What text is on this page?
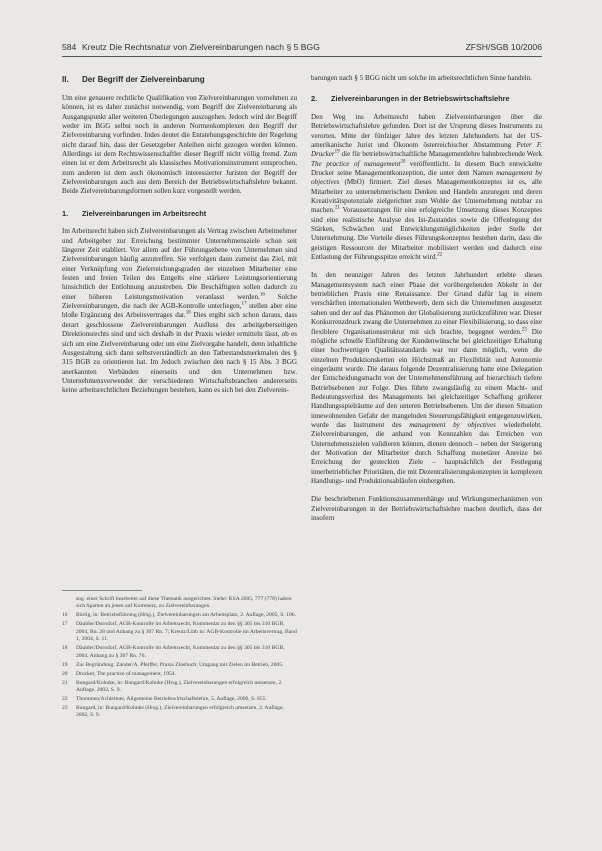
584 Kreutz Die Rechtsnatur von Zielvereinbarungen nach § 5 BGG	ZFSH/SGB 10/2006
II.	Der Begriff der Zielvereinbarung

Um eine genauere rechtliche Qualifikation von Zielvereinbarungen vornehmen zu können, ist es daher zunächst notwendig, vom Begriff der Zielvereinbarung als Ausgangspunkt aller weiteren Überlegungen auszugehen. Jedoch wird der Begriff weder im BGG selbst noch in anderen Normenkomplexen den Begriff der Zielvereinbarung vorfinden. Indes deutet die Entstehungsgeschichte der Regelung nicht darauf hin, dass der Gesetzgeber Anleihen nicht gezogen werden können. Allerdings ist dem Rechtswissenschaftler dieser Begriff nicht völlig fremd. Zum einen ist er dem Arbeitsrecht als klassisches Motivationsinstrument entsprochen, zum anderen ist dem auch ökonomisch interessierter Juristen der Begriff der Zielvereinbarungen auch aus dem Bereich der Betriebswirtschaftslehre bekannt. Beide Zielvereinbarungsformen sollen kurz vorgestellt werden.

1.	Zielvereinbarungen im Arbeitsrecht

Im Arbeitsrecht haben sich Zielvereinbarungen als Vertrag zwischen Arbeitnehmer und Arbeitgeber zur Erreichung bestimmter Unternehmensziele schon seit längerer Zeit etabliert. Vor allem auf der Führungsebene von Unternehmen sind Zielvereinbarungen häufig anzutreffen. Sie verfolgen dann zumeist das Ziel, mit einer Verknüpfung von Zielerreichungsgraden der einzelnen Mitarbeiter eine festen und freien Teilen des Entgelts eine stärkere Leistungsorientierung hinsichtlich der Entlohnung anzustreben. Die Beschäftigten sollen dadurch zu einer höheren Leistungsmotivation veranlasst werden.$^{16}$ Solche Zielvereinbarungen, die nach der AGB-Kontrolle unterliegen,$^{17}$ stellen aber eine bloße Ergänzung des Arbeitsvertrages dar.$^{18}$ Dies ergibt sich schon daraus, dass derart geschlossene Zielvereinbarungen Ausfluss des arbeitgeberseitigen Direktionsrechts sind und sich deshalb in der Praxis wieder ermitteln lässt, ob es sich um eine Zielvereinbarung oder um eine Zielvorgabe handelt, denn inhaltliche Ausgestaltung sich dann selbstverständlich an den Tatbestandsmerkmalen des § 315 BGB zu orientieren hat. Im Jedoch zwischen den nach § 15 Abs. 3 BGG anerkannten Verbänden einerseits und den Unternehmen bzw. Unternehmensverwendet der verschiedenen Wirtschaftsbranchen andererseits keine arbeitsrechtlichen Beziehungen bestehen, kann es sich bei den Zielverein-

sog. einer Schrift bearbeitet auf diese Thematik ausgerichtet. Siehe: KSA 2005, 777 (778) haben sich Sparten an jenen auf Kommerz, zu Zielvereinbarungen.
16	Bürtig, in: Betriebsführung (Hrsg.), Zielvereinbarungen am Arbeitsplatz, 2. Auflage, 2005, S. 106.
17	Däubler/Dorndorf, AGB-Kontrolle im Arbeitsrecht, Kommentar zu den §§ 305 bis 310 BGB, 2004, Rn. 28 und Anhang zu § 307 Rn. 7; Kreutz/Lüth in: AGB-Kontrolle im Arbeitsvertrag, Band 1, 2004, S. 11.
18	Däubler/Dorndorf, AGB-Kontrolle im Arbeitsrecht, Kommentar zu den §§ 305 bis 310 BGB, 2004, Anhang zu § 307 Rn. 76.
19	Zur Begründung: Zander/A. Pfeiffer, Praxis Zinsbuch: Umgang mit Zielen im Betrieb, 2005.
20	Drucker, The practice of management, 1954.
21	Bungard/Kohnke, in: Bungard/Kohnke (Hrsg.), Zielvereinbarungen erfolgreich umsetzen, 2. Auflage, 2002, S. 9.
22	Thommen/Achleitner, Allgemeine Betriebswirtschaftslehre, 5. Auflage, 2006, S. 855.
23	Bungard, in: Bungard/Kohnke (Hrsg.), Zielvereinbarungen erfolgreich umsetzen, 2. Auflage, 2002, S. 9.

barungen nach § 5 BGG nicht um solche im arbeitsrechtlichen Sinne handeln.

2.	Zielvereinbarungen in der Betriebswirtschaftslehre

Den Weg ins Arbeitsrecht haben Zielvereinbarungen über die Betriebswirtschaftslehre gefunden. Dort ist der Ursprung dieses Instruments zu verorten. Mitte der fünfziger Jahre des letzten Jahrhunderts hat der US-amerikanische Jurist und Ökonom österreichischer Abstammung Peter F. Drucker$^{19}$ die für betriebswirtschaftliche Managementlehre bahnbrechende Werk The practice of management$^{20}$ veröffentlicht. In diesem Buch entwickelte Drucker seine Managementkonzeption, die unter dem Namen management by objectives (MbO) firmiert. Ziel dieses Managementkonzeptes ist es, alle Mitarbeiter zu unternehmerischem Denken und Handeln anzuregen und deren Kreativitätspotenziale zielgerichtet zum Wohle der Unternehmung nutzbar zu machen.$^{21}$ Voraussetzungen für eine erfolgreiche Umsetzung dieses Konzeptes sind eine realistische Analyse des Ist-Zustandes sowie die Offenlegung der Stärken, Schwächen und Entwicklungsmöglichkeiten jeder Stelle der Unternehmung. Die Vorteile dieses Führungskonzeptes bestehen darin, dass die geistigen Ressourcen der Mitarbeiter mobilisiert werden und dadurch eine Entlastung der Führungsspitze erreicht wird.$^{22}$

In den neunziger Jahren des letzten Jahrhundert erlebte dieses Managementsystem nach einer Phase der vorübergehenden Abkehr in der betrieblichen Praxis eine Renaissance. Der Grund dafür lag in einem verschärften internationalen Wettbewerb, dem sich die Unternehmen ausgesetzt sahen und der auf das Phänomen der Globalisierung zurückzuführen war. Dieser Konkurrenzdruck zwang die Unternehmen zu einer Flexibilisierung, so dass eine flexiblere Organisationsstruktur mit sich brachte, begegnet werden.$^{23}$ Die mögliche schnelle Einführung der Kundenwünsche bei gleichzeitiger Erhaltung einer hochwertigen Qualitätsstandards war nur dann möglich, wenn die einzelnen Produktionsketten ein Höchstmaß an Flexibilität und Autonomie eingeräumt wurde. Die daraus folgende Dezentralisierung hatte eine Delegation der Entscheidungsmacht von der Unternehmensführung auf hierarchisch tiefere Betriebsebenen zur Folge. Dies führte zwangsläufig zu einem Macht- und Bedeutungsverlust des Managements bei gleichzeitiger Schaffung größerer Handlungsspielräume auf den unteren Betriebsebenen. Um der diesen Situation innewohnenden Gefahr der mangelnden Steuerungsfähigkeit entgegenzuwirken, wurde das Instrument des management by objectives wiederbelebt. Zielvereinbarungen, die anhand von Kennzahlen das Erreichen von Unternehmenszielen validieren können, dienen dennoch – neben der Steigerung der Motivation der Mitarbeiter durch Schaffung monetärer Anreize bei Erreichung der gesteckten Ziele – hauptsächlich der Festlegung innerbetrieblicher Prioritäten, die mit Dezentralisierungskonzepten in komplexen Handlungs- und Produktionsabläufen einhergehen.

Die beschriebenen Funktionszusammenhänge und Wirkungsmechanismen von Zielvereinbarungen in der Betriebswirtschaftslehre machen deutlich, dass der insofern
